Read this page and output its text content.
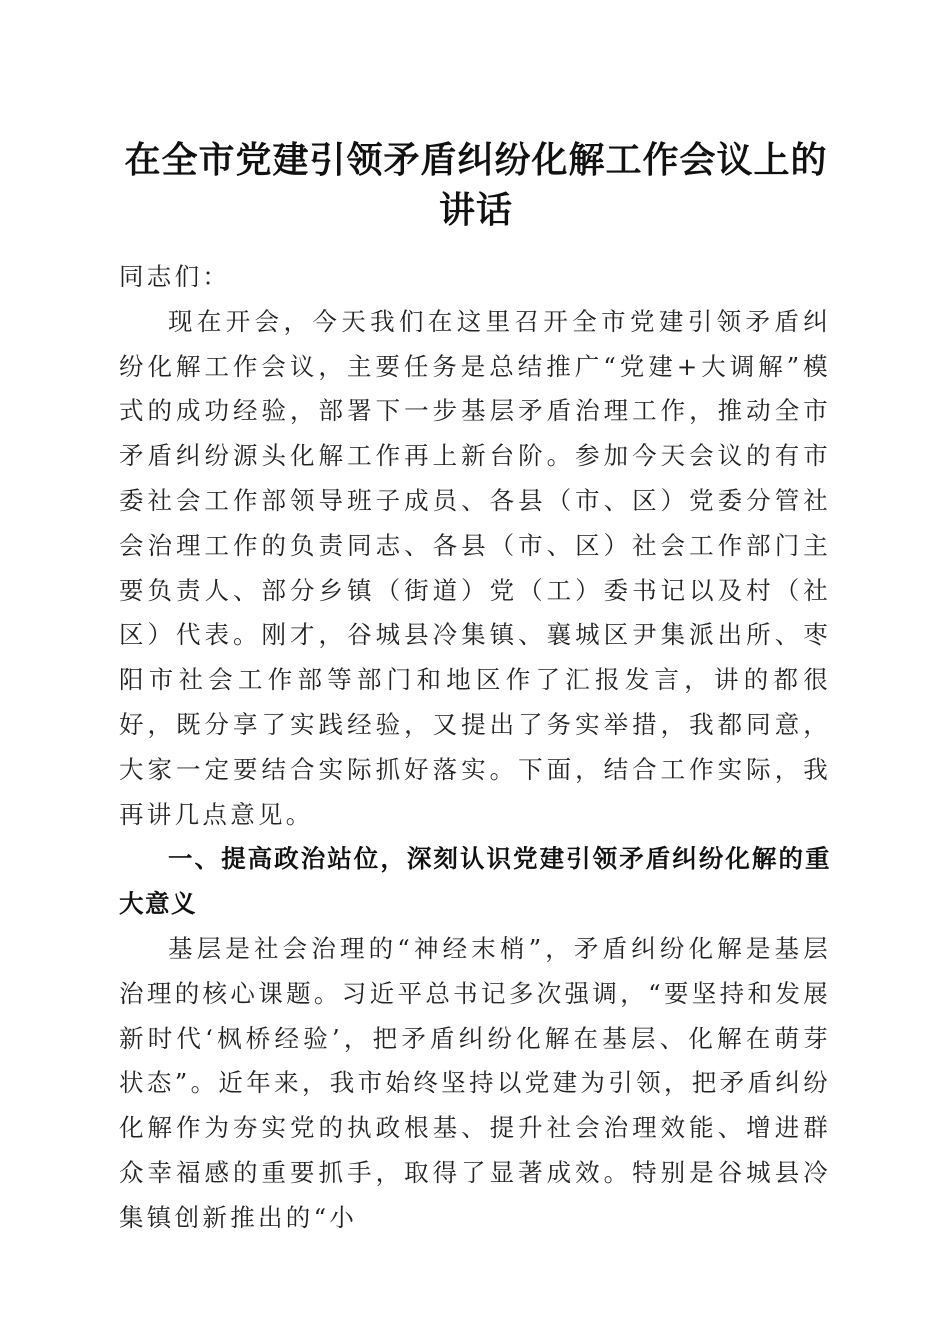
在全市党建引领矛盾纠纷化解工作会议上的讲话

同志们：

现在开会，今天我们在这里召开全市党建引领矛盾纠纷化解工作会议，主要任务是总结推广“党建+大调解”模式的成功经验，部署下一步基层矛盾治理工作，推动全市矛盾纠纷源头化解工作再上新台阶。参加今天会议的有市委社会工作部领导班子成员、各县（市、区）党委分管社会治理工作的负责同志、各县（市、区）社会工作部门主要负责人、部分乡镇（街道）党（工）委书记以及村（社区）代表。刚才，谷城县冷集镇、襄城区尹集派出所、枣阳市社会工作部等部门和地区作了汇报发言，讲的都很好，既分享了实践经验，又提出了务实举措，我都同意，大家一定要结合实际抓好落实。下面，结合工作实际，我再讲几点意见。

一、提高政治站位，深刻认识党建引领矛盾纠纷化解的重大意义

基层是社会治理的“神经末梢”，矛盾纠纷化解是基层治理的核心课题。习近平总书记多次强调，“要坚持和发展新时代‘枫桥经验’，把矛盾纠纷化解在基层、化解在萌芽状态”。近年来，我市始终坚持以党建为引领，把矛盾纠纷化解作为夯实党的执政根基、提升社会治理效能、增进群众幸福感的重要抓手，取得了显著成效。特别是谷城县冷集镇创新推出的“小
